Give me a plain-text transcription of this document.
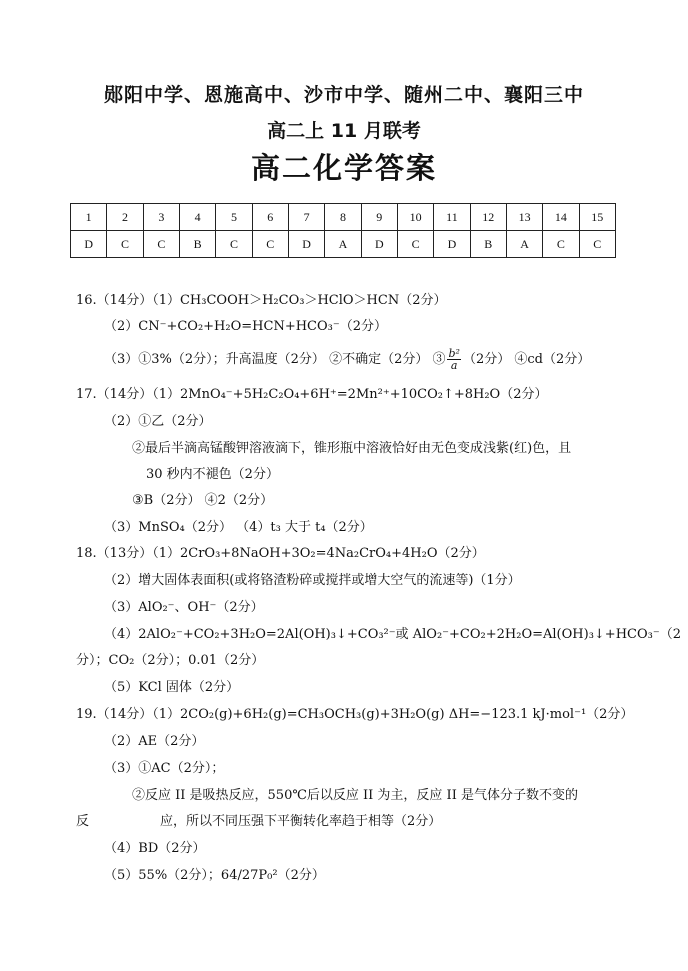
郧阳中学、恩施高中、沙市中学、随州二中、襄阳三中
高二上 11 月联考
高二化学答案
1	2	3	4	5	6	7	8	9	10	11	12	13	14	15
D	C	C	B	C	C	D	A	D	C	D	B	A	C	C
16.（14分）（1）CH₃COOH＞H₂CO₃＞HClO＞HCN（2分）
（2）CN⁻+CO₂+H₂O=HCN+HCO₃⁻（2分）
（3）①3%（2分）；升高温度（2分） ②不确定（2分） ③ $\frac{\text{b²}}{a} (2$分） ④cd（2分）
17.（14分）（1）2MnO₄⁻+5H₂C₂O₄+6H⁺=2Mn²⁺+10CO₂↑+8H₂O（2分）
（2）①乙（2分）
②最后半滴高锰酸钾溶液滴下，锥形瓶中溶液恰好由无色变成浅紫(红)色，且
30 秒内不褪色（2分）
③B（2分） ④2（2分）
（3）MnSO₄（2分） （4）t₃ 大于 t₄（2分）
18.（13分）（1）2CrO₃+8NaOH+3O₂=4Na₂CrO₄+4H₂O（2分）
（2）增大固体表面积(或将铬渣粉碎或搅拌或增大空气的流速等)（1分）
（3）AlO₂⁻、OH⁻（2分）
（4）2AlO₂⁻+CO₂+3H₂O=2Al(OH)₃↓+CO₃²⁻或 AlO₂⁻+CO₂+2H₂O=Al(OH)₃↓+HCO₃⁻（2
分）；CO₂（2分）；0.01（2分）
（5）KCl 固体（2分）
19.（14分）（1）2CO₂(g)+6H₂(g)=CH₃OCH₃(g)+3H₂O(g) ΔH=−123.1 kJ·mol⁻¹（2分）
（2）AE（2分）
（3）①AC（2分）；
②反应 II 是吸热反应，550℃后以反应 II 为主，反应 II 是气体分子数不变的
反	应，所以不同压强下平衡转化率趋于相等（2分）
（4）BD（2分）
（5）55%（2分）；64/27P₀²（2分）
